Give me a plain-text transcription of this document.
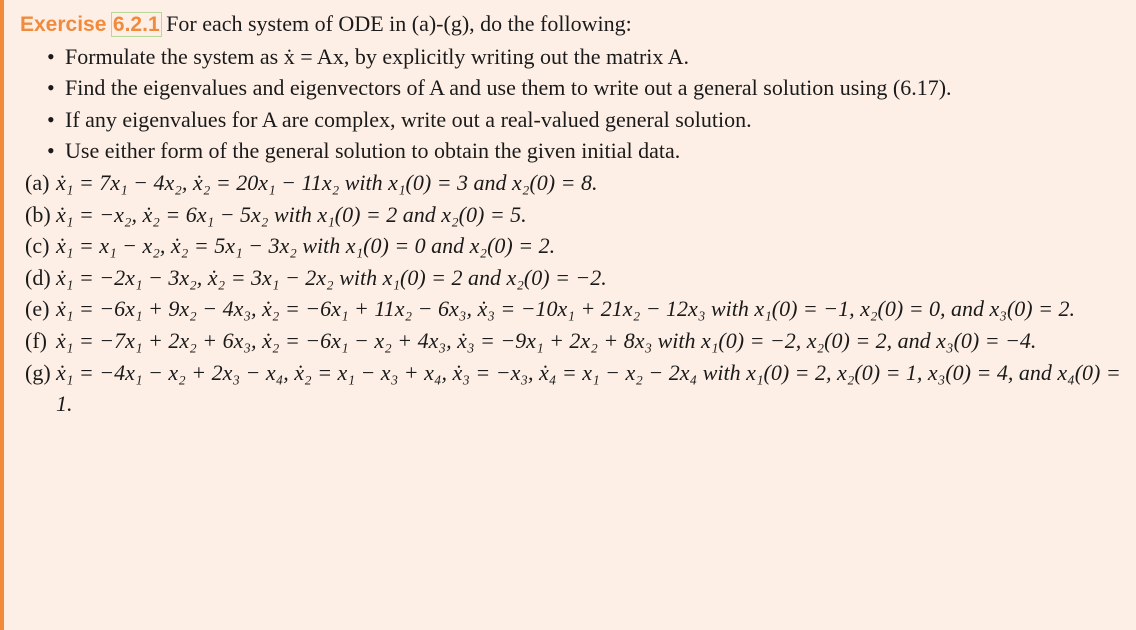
Exercise 6.2.1 For each system of ODE in (a)-(g), do the following:
• Formulate the system as ẋ = Ax, by explicitly writing out the matrix A.
• Find the eigenvalues and eigenvectors of A and use them to write out a general solution using (6.17).
• If any eigenvalues for A are complex, write out a real-valued general solution.
• Use either form of the general solution to obtain the given initial data.
(a) ẋ₁ = 7x₁ − 4x₂, ẋ₂ = 20x₁ − 11x₂ with x₁(0) = 3 and x₂(0) = 8.
(b) ẋ₁ = −x₂, ẋ₂ = 6x₁ − 5x₂ with x₁(0) = 2 and x₂(0) = 5.
(c) ẋ₁ = x₁ − x₂, ẋ₂ = 5x₁ − 3x₂ with x₁(0) = 0 and x₂(0) = 2.
(d) ẋ₁ = −2x₁ − 3x₂, ẋ₂ = 3x₁ − 2x₂ with x₁(0) = 2 and x₂(0) = −2.
(e) ẋ₁ = −6x₁ + 9x₂ − 4x₃, ẋ₂ = −6x₁ + 11x₂ − 6x₃, ẋ₃ = −10x₁ + 21x₂ − 12x₃ with x₁(0) = −1, x₂(0) = 0, and x₃(0) = 2.
(f) ẋ₁ = −7x₁ + 2x₂ + 6x₃, ẋ₂ = −6x₁ − x₂ + 4x₃, ẋ₃ = −9x₁ + 2x₂ + 8x₃ with x₁(0) = −2, x₂(0) = 2, and x₃(0) = −4.
(g) ẋ₁ = −4x₁ − x₂ + 2x₃ − x₄, ẋ₂ = x₁ − x₃ + x₄, ẋ₃ = −x₃, ẋ₄ = x₁ − x₂ − 2x₄ with x₁(0) = 2, x₂(0) = 1, x₃(0) = 4, and x₄(0) = 1.
